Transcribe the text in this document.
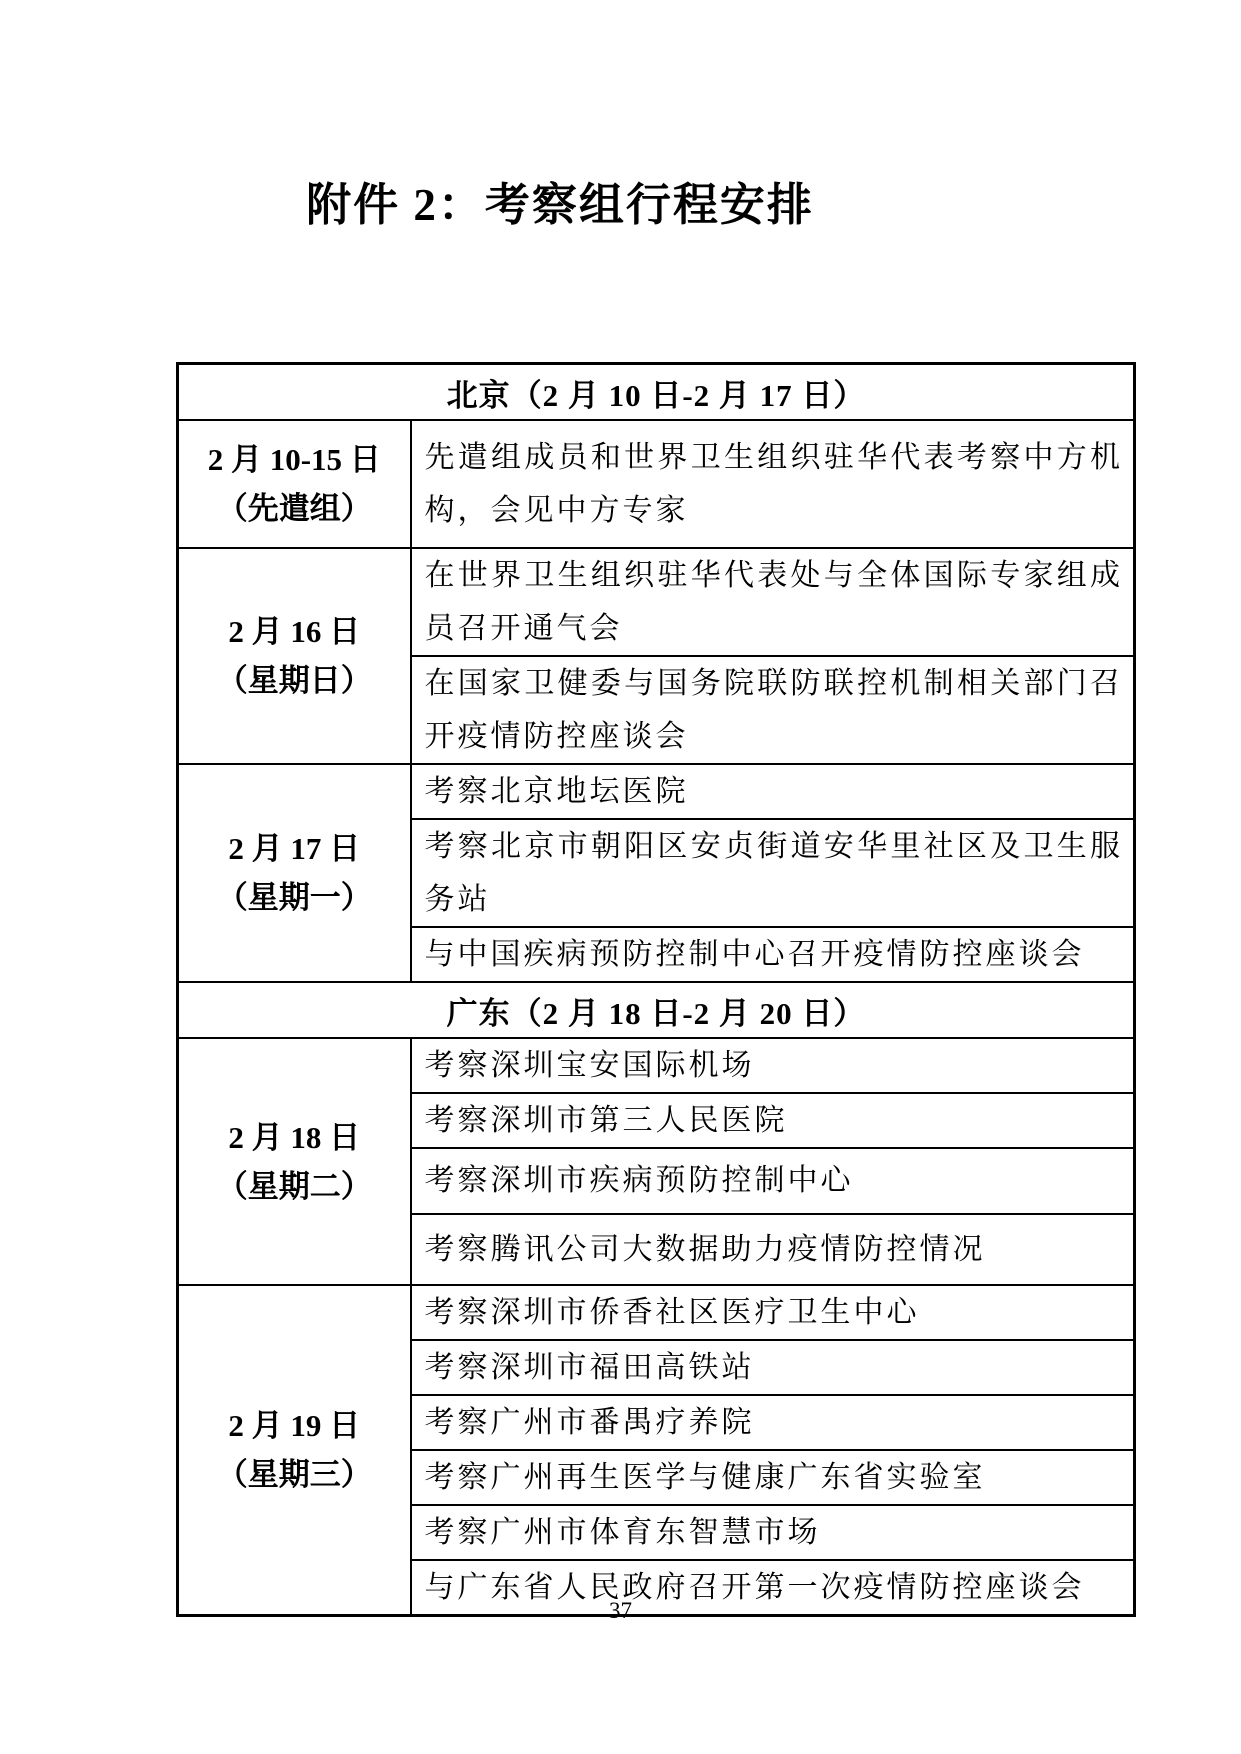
附件 2：考察组行程安排
北京（2 月 10 日-2 月 17 日）	

2 月 10-15 日
（先遣组）	先遣组成员和世界卫生组织驻华代表考察中方机构，会见中方专家

2 月 16 日
（星期日）	在世界卫生组织驻华代表处与全体国际专家组成员召开通气会
	在国家卫健委与国务院联防联控机制相关部门召开疫情防控座谈会

2 月 17 日
（星期一）	考察北京地坛医院
	考察北京市朝阳区安贞街道安华里社区及卫生服务站
	与中国疾病预防控制中心召开疫情防控座谈会
广东（2 月 18 日-2 月 20 日）	

2 月 18 日
（星期二）	考察深圳宝安国际机场
	考察深圳市第三人民医院
	考察深圳市疾病预防控制中心
	考察腾讯公司大数据助力疫情防控情况

2 月 19 日
（星期三）	考察深圳市侨香社区医疗卫生中心
	考察深圳市福田高铁站
	考察广州市番禺疗养院
	考察广州再生医学与健康广东省实验室
	考察广州市体育东智慧市场
	与广东省人民政府召开第一次疫情防控座谈会
37
